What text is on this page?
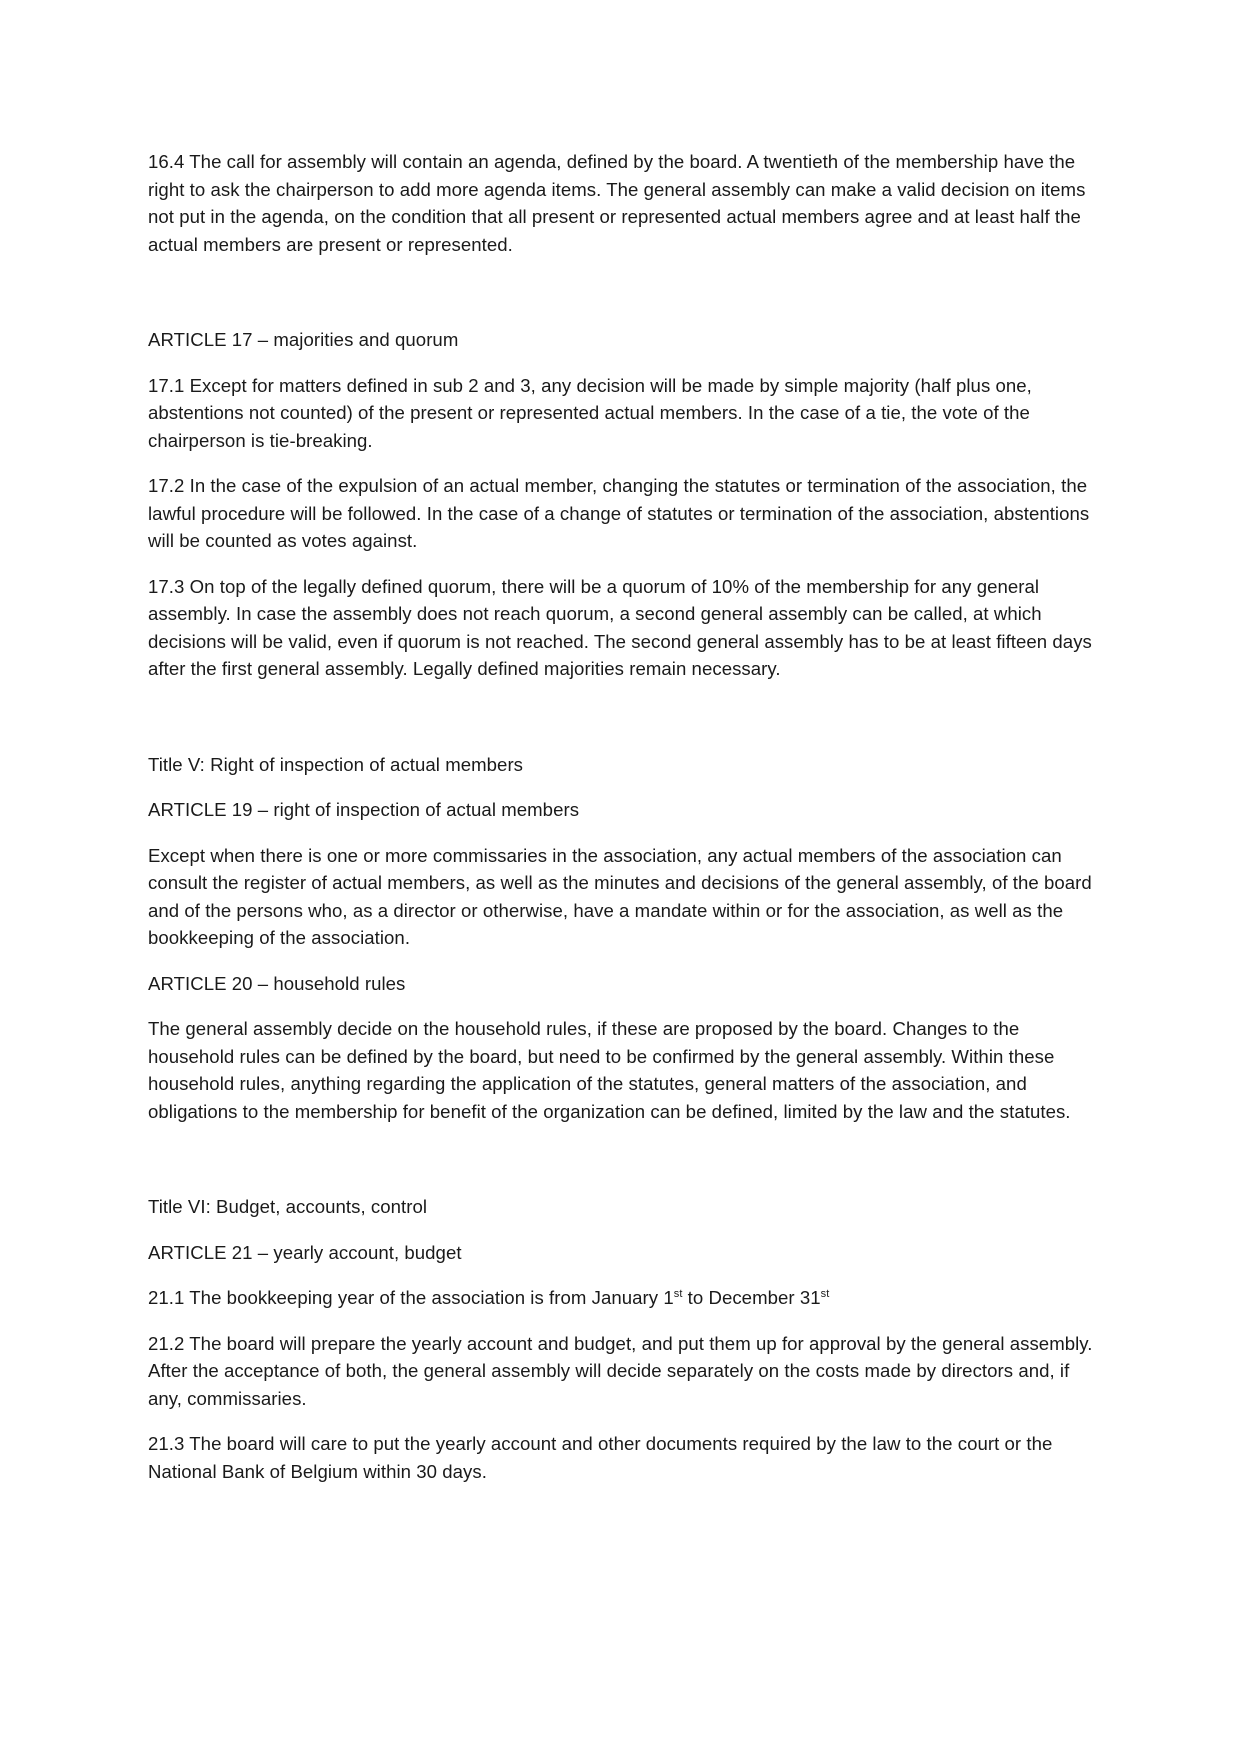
16.4 The call for assembly will contain an agenda, defined by the board. A twentieth of the membership have the right to ask the chairperson to add more agenda items. The general assembly can make a valid decision on items not put in the agenda, on the condition that all present or represented actual members agree and at least half the actual members are present or represented.

ARTICLE 17 – majorities and quorum

17.1 Except for matters defined in sub 2 and 3, any decision will be made by simple majority (half plus one, abstentions not counted) of the present or represented actual members. In the case of a tie, the vote of the chairperson is tie-breaking.

17.2 In the case of the expulsion of an actual member, changing the statutes or termination of the association, the lawful procedure will be followed. In the case of a change of statutes or termination of the association, abstentions will be counted as votes against.

17.3 On top of the legally defined quorum, there will be a quorum of 10% of the membership for any general assembly. In case the assembly does not reach quorum, a second general assembly can be called, at which decisions will be valid, even if quorum is not reached. The second general assembly has to be at least fifteen days after the first general assembly. Legally defined majorities remain necessary.

Title V: Right of inspection of actual members

ARTICLE 19 – right of inspection of actual members

Except when there is one or more commissaries in the association, any actual members of the association can consult the register of actual members, as well as the minutes and decisions of the general assembly, of the board and of the persons who, as a director or otherwise, have a mandate within or for the association, as well as the bookkeeping of the association.

ARTICLE 20 – household rules

The general assembly decide on the household rules, if these are proposed by the board. Changes to the household rules can be defined by the board, but need to be confirmed by the general assembly. Within these household rules, anything regarding the application of the statutes, general matters of the association, and obligations to the membership for benefit of the organization can be defined, limited by the law and the statutes.

Title VI: Budget, accounts, control

ARTICLE 21 – yearly account, budget

21.1 The bookkeeping year of the association is from January 1st to December 31st

21.2 The board will prepare the yearly account and budget, and put them up for approval by the general assembly. After the acceptance of both, the general assembly will decide separately on the costs made by directors and, if any, commissaries.

21.3 The board will care to put the yearly account and other documents required by the law to the court or the National Bank of Belgium within 30 days.
